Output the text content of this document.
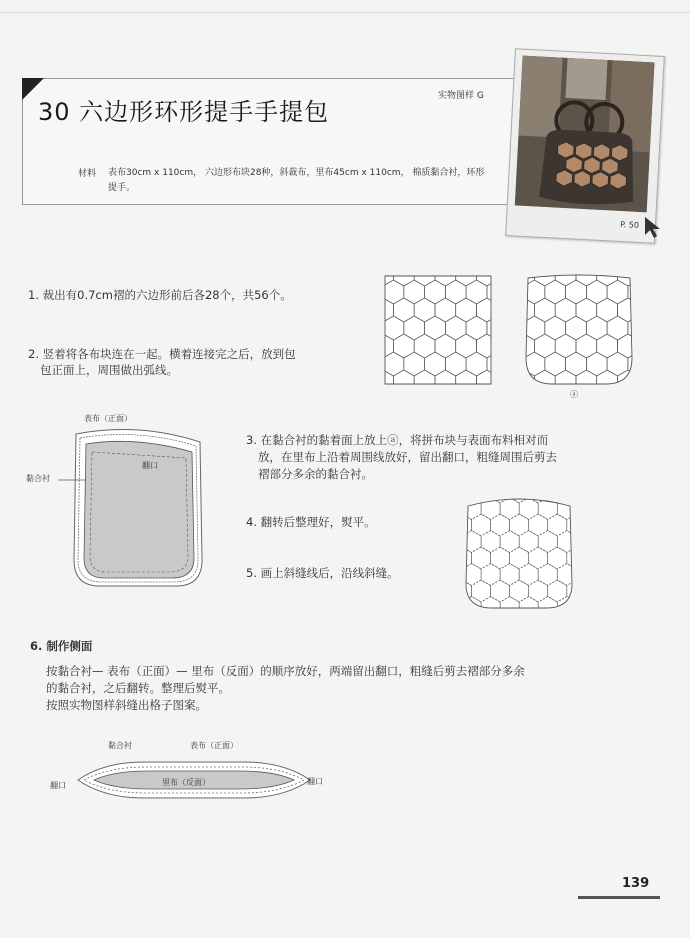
30 六边形环形提手手提包
实物图样 G
材料 表布30cm x 110cm， 六边形布块28种，斜裁布，里布45cm x 110cm， 棉质黏合衬，环形提手。
P. 50
1. 裁出有0.7cm褶的六边形前后各28个，共56个。
2. 竖着将各布块连在一起。横着连接完之后，放到包
包正面上，周围做出弧线。
3. 在黏合衬的黏着面上放上ⓐ，将拼布块与表面布料相对而
放，在里布上沿着周围线放好，留出翻口，粗缝周围后剪去
褶部分多余的黏合衬。
4. 翻转后整理好，熨平。
5. 画上斜缝线后，沿线斜缝。
6. 制作侧面
按黏合衬— 表布（正面）— 里布（反面）的顺序放好，两端留出翻口，粗缝后剪去褶部分多余
的黏合衬，之后翻转。整理后熨平。
按照实物图样斜缝出格子图案。
ⓐ
表布（正面）
翻口
黏合衬
黏合衬	表布（正面）
里布（反面）
翻口	翻口
139
